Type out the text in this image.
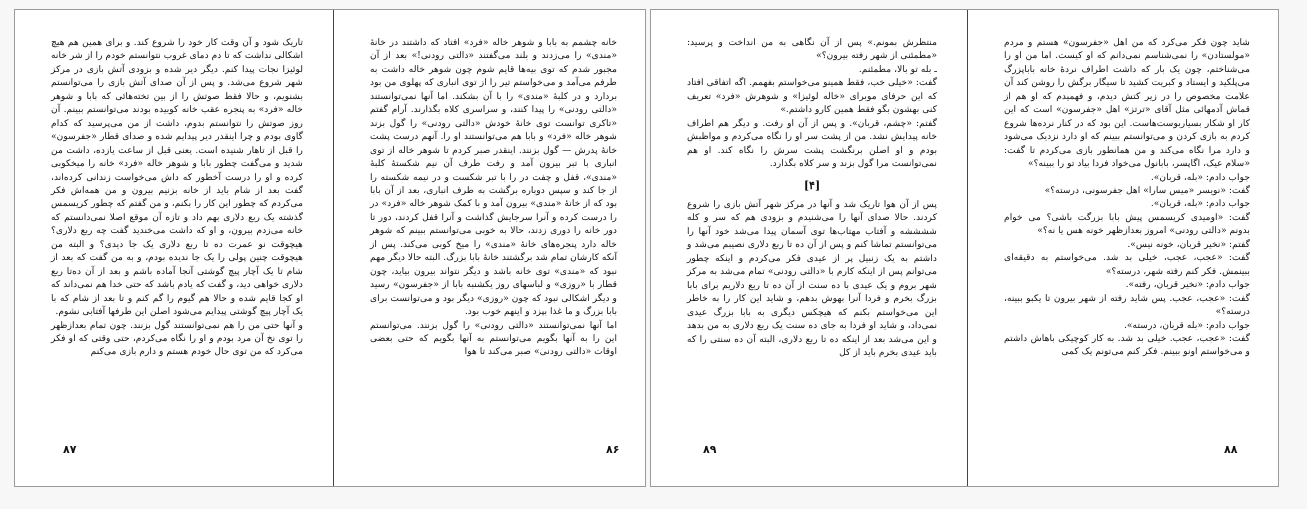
تاریک شود و آن وقت کار خود را شروع کند. و برای همین هم هیچ اشکالی نداشت که تا دم دمای غروب نتوانستم خودم را از شر خانه لوئیزا نجات پیدا کنم. دیگر دیر شده و بزودی آتش بازی در مرکز شهر شروع می‌شد. و پس از آن صدای آتش بازی را می‌توانستم بشنویم، و حالا فقط صوتش را از بین تخته‌هائی که بابا و شوهر خاله «فرد» به پنجره عقب خانه کوبیده بودند می‌توانستم ببینم. آن روز صوتش را نتوانستم بدوم، داشت از من می‌پرسید که کدام گاوی بودم و چرا اینقدر دیر پیدایم شده و صدای قطار «جفرسون» را قبل از تاهار شنیده است. یعنی قبل از ساعت یازده، داشت من شدید و می‌گفت چطور بابا و شوهر خاله «فرد» خانه را میخکوبی کرده و او را درست آخطور که داش می‌خواست زندانی کرده‌اند، گفت بعد از شام باید از خانه بزنیم بیرون و من همه‌اش فکر می‌کردم که چطور این کار را بکنم، و من گفتم که چطور کریسمس گذشته یک ربع دلاری بهم داد و تازه آن موقع اصلا نمی‌دانستم که خانه می‌زدم بیرون، و او که داشت می‌خندید گفت چه ربع دلاری؟ هیچوقت نو عمرت ده تا ربع دلاری یک جا دیدی؟ و البته من هیچوقت چنین پولی را یک جا ندیده بودم، و به من گفت که بعد از شام تا یک آچار پیچ گوشتی آنجا آماده باشم و بعد از آن ده‌تا ربع دلاری خواهی دید، و گفت که یادم باشد که حتی خدا هم نمی‌داند که او کجا قایم شده و حالا هم گیوم را گم کنم و تا بعد از شام که با یک آچار پیچ گوشتی پیدایم می‌شود اصلن این طرفها آفتابی نشوم.

و آنها حتی من را هم نمی‌توانستند گول بزنند. چون تمام بعدازظهر را توی نخ آن مرد بودم و او را نگاه می‌کردم، حتی وقتی که او فکر می‌کرد که من توی حال خودم هستم و دارم بازی می‌کنم

۸۷

خانه چشمم به بابا و شوهر خاله «فرد» افتاد که داشتند در خانهٔ «مندی» را می‌زدند و بلند می‌گفتند «دالتی رودنی!» بعد از آن مجبور شدم که توی بیه‌ها قایم شوم چون شوهر خاله داشت به طرفم می‌آمد و می‌خواستم تیر را از توی انباری که پهلوی من بود بردارد و در کلبهٔ «مندی» را با آن بشکند. اما آنها نمی‌توانستند «دالتی رودنی» را پیدا کنند، و سراسری کلاه بگذارند. آرام گفتم «تاکری توانست توی خانهٔ خودش «دالتی رودنی» را گول بزند شوهر خاله «فرد» و بابا هم می‌توانستند او را. آنهم درست پشت خانهٔ پدرش — گول بزنند. اینقدر صبر کردم تا شوهر خاله از توی انباری با تبر بیرون آمد و رفت طرف آن نیم شکستهٔ کلبهٔ «مندی»، قفل و چفت در را با تبر شکست و در نیمه شکسته را از جا کند و سپس دوباره برگشت به طرف انباری، بعد از آن بابا بود که از خانهٔ «مندی» بیرون آمد و با کمک شوهر خاله «فرد» در را درست کرده و آنرا سرجایش گذاشت و آنرا قفل کردند، دور تا دور خانه را دوری زدند، حالا به خوبی می‌توانستم ببینم که شوهر خاله دارد پنجره‌های خانهٔ «مندی» را میخ کوبی می‌کند. پس از آنکه کارشان تمام شد برگشتند خانهٔ بابا بزرگ. البته حالا دیگر مهم نبود که «مندی» توی خانه باشد و دیگر نتواند بیرون بیاید، چون قطار با «روزی» و لباسهای روز یکشنبه بابا از «جفرسون» رسید و دیگر اشکالی نبود که چون «روزی» دیگر بود و می‌توانست برای بابا بزرگ و ما غذا بپزد و اینهم خوب بود.

اما آنها نمی‌توانستند «دالتی رودنی» را گول بزنند. می‌توانستم این را به آنها بگویم می‌توانستم به آنها بگویم که حتی بعضی اوقات «دالتی رودنی» صبر می‌کند تا هوا

۸۶

منتظرش بمونم.» پس از آن نگاهی به من انداخت و پرسید: «مطمئنی از شهر رفته بیرون؟»

ـ بله تو بالا، مطمئنم.

گفت: «خیلی خب، فقط همینو می‌خواستم بفهمم. اگه اتفاقی افتاد که این حرفای موبرای «خاله لوئیزا» و شوهرش «فرد» تعریف کنی بهشون بگو فقط همین کارو داشتم.»

گفتم: «چشم، قربان». و پس از آن او رفت. و دیگر هم اطراف خانه پیدایش نشد. من از پشت سر او را نگاه می‌کردم و مواظبش بودم و او اصلن برنگشت پشت سرش را نگاه کند. او هم نمی‌توانست مرا گول بزند و سر کلاه بگذارد.

[۴]

پس از آن هوا تاریک شد و آنها در مرکز شهر آتش بازی را شروع کردند. حالا صدای آنها را می‌شنیدم و بزودی هم که سر و کله ششششه و آفتاب مهتاب‌ها توی آسمان پیدا می‌شد خود آنها را می‌توانستم تماشا کنم و پس از آن ده تا ربع دلاری نصیبم می‌شد و داشتم به یک زنبیل پر از عیدی فکر می‌کردم و اینکه چطور می‌توانم پس از اینکه کارم با «دالتی رودنی» تمام می‌شد به مرکز شهر بروم و یک عیدی با ده سنت از آن ده تا ربع دلاریم برای بابا بزرگ بخرم و فردا آنرا بهوش بدهم، و شاید این کار را به خاطر این می‌خواستم بکنم که هیچکس دیگری به بابا بزرگ عیدی نمی‌داد، و شاید او فردا به جای ده سنت یک ربع دلاری به من بدهد و این می‌شد بعد از اینکه ده تا ربع دلاری، البته آن ده سنتی را که باید عیدی بخرم باید از کل

۸۹

شاید چون فکر می‌کرد که من اهل «جفرسون» هستم و مردم «مولستادن» را نمی‌شناسم نمی‌دانم که او کیست. اما من او را می‌شناختم، چون یک بار که داشت اطراف نردهٔ خانه باباپزرگ می‌پلکید و ایستاد و کبریت کشید تا سیگار برگش را روشن کند آن علامت مخصوص را در زیر کتش دیدم، و فهمیدم که او هم از قماش آدمهائی مثل آقای «ترتز» اهل «جفرسون» است که این کار او شکار بسیاربوست‌هاست. این بود که در کنار نرده‌ها شروع کردم به بازی کردن و می‌توانستم ببینم که او دارد نزدیک می‌شود و دارد مرا نگاه می‌کند و من همانطور بازی می‌کردم تا گفت: «سلام عیک، اگاپسر، بابانول می‌خواد فردا بیاد تو را ببینه؟»

جواب دادم: «بله، قربان».

گفت: «نویسر «میس سارا» اهل جفرسونی، درسته؟»

جواب دادم: «بله، قربان».

گفت: «اومیدی کریسمس پیش بابا بزرگت باشی؟ می خوام بدونم «دالتی رودنی» امروز بعدازظهر خونه هس یا نه؟»

گفتم: «نخیر قربان، خونه نیس».

گفت: «عجب، عجب، خیلی بد شد. می‌خواستم به دقیقه‌ای ببینمش. فکر کنم رفته شهر، درسته؟»

جواب دادم: «نخیر قربان، رفته».

گفت: «عجب، عجب. پس شاید رفته از شهر بیرون تا یکبو ببینه، درسته؟»

جواب دادم: «بله قربان، درسته».

گفت: «عجب، عجب. خیلی بد شد. به کار کوچیکی باهاش داشتم و می‌خواستم اونو ببینم. فکر کنم می‌تونم یک کمی

۸۸
